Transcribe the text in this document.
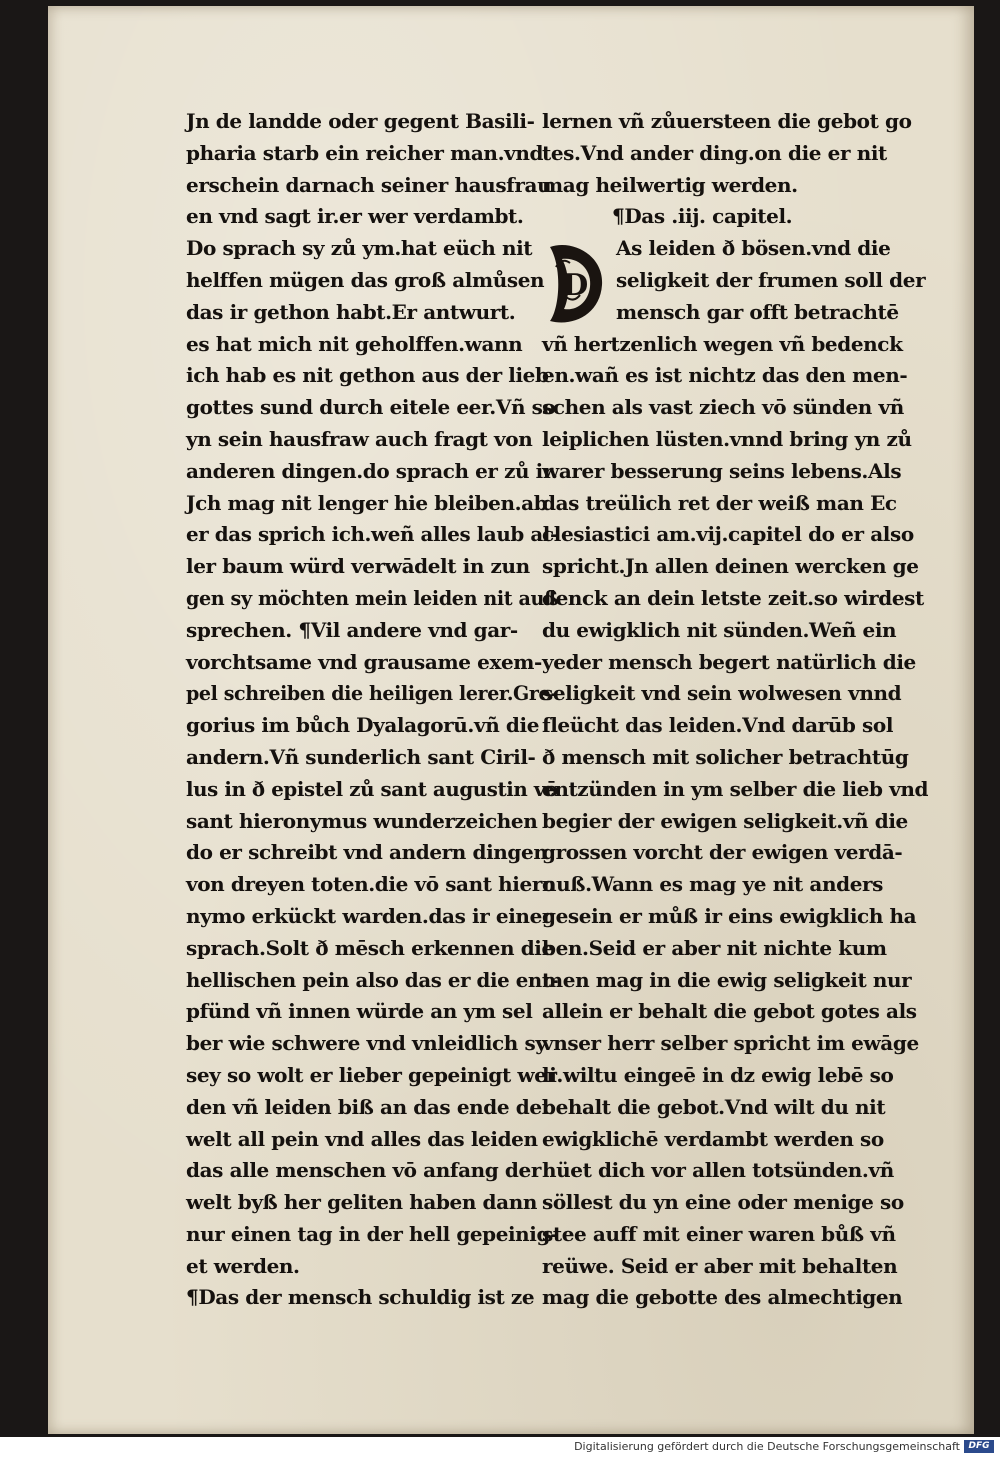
Jn de landde oder gegent Basili-
pharia starb ein reicher man.vnd
erschein darnach seiner hausfrau
en vnd sagt ir.er wer verdambt.
Do sprach sy zů ym.hat eüch nit
helffen mügen das groß almůsen
das ir gethon habt.Er antwurt.
es hat mich nit geholffen.wann
ich hab es nit gethon aus der lieb
gottes sund durch eitele eer.Vñ so
yn sein hausfraw auch fragt von
anderen dingen.do sprach er zů ir.
Jch mag nit lenger hie bleiben.ab
er das sprich ich.weñ alles laub al-
ler baum würd verwādelt in zun
gen sy möchten mein leiden nit auß
sprechen. ¶Vil andere vnd gar-
vorchtsame vnd grausame exem-
pel schreiben die heiligen lerer.Gre-
gorius im bůch Dyalagorū.vñ die
andern.Vñ sunderlich sant Ciril-
lus in ð epistel zů sant augustin vō
sant hieronymus wunderzeichen
do er schreibt vnd andern dingen
von dreyen toten.die vō sant hiero
nymo erkückt warden.das ir einer
sprach.Solt ð mēsch erkennen die
hellischen pein also das er die ent-
pfünd vñ innen würde an ym sel
ber wie schwere vnd vnleidlich sy
sey so wolt er lieber gepeinigt wer
den vñ leiden biß an das ende der
welt all pein vnd alles das leiden
das alle menschen vō anfang der
welt byß her geliten haben dann
nur einen tag in der hell gepeinig-
et werden.
¶Das der mensch schuldig ist ze
lernen vñ zůuersteen die gebot go
tes.Vnd ander ding.on die er nit
mag heilwertig werden.
¶Das .iij. capitel.
D
As leiden ð bösen.vnd die
seligkeit der frumen soll der
mensch gar offt betrachtē
vñ hertzenlich wegen vñ bedenck
en.wañ es ist nichtz das den men-
schen als vast ziech vō sünden vñ
leiplichen lüsten.vnnd bring yn zů
warer besserung seins lebens.Als
das treülich ret der weiß man Ec
clesiastici am.vij.capitel do er also
spricht.Jn allen deinen wercken ge
denck an dein letste zeit.so wirdest
du ewigklich nit sünden.Weñ ein
yeder mensch begert natürlich die
seligkeit vnd sein wolwesen vnnd
fleücht das leiden.Vnd darūb sol
ð mensch mit solicher betrachtūg
entzünden in ym selber die lieb vnd
begier der ewigen seligkeit.vñ die
grossen vorcht der ewigen verdā-
nuß.Wann es mag ye nit anders
gesein er můß ir eins ewigklich ha
ben.Seid er aber nit nichte kum
men mag in die ewig seligkeit nur
allein er behalt die gebot gotes als
vnser herr selber spricht im ewāge
li.wiltu eingeē in dz ewig lebē so
behalt die gebot.Vnd wilt du nit
ewigklichē verdambt werden so
hüet dich vor allen totsünden.vñ
söllest du yn eine oder menige so
stee auff mit einer waren bůß vñ
reüwe. Seid er aber mit behalten
mag die gebotte des almechtigen
Digitalisierung gefördert durch die Deutsche Forschungsgemeinschaft DFG
